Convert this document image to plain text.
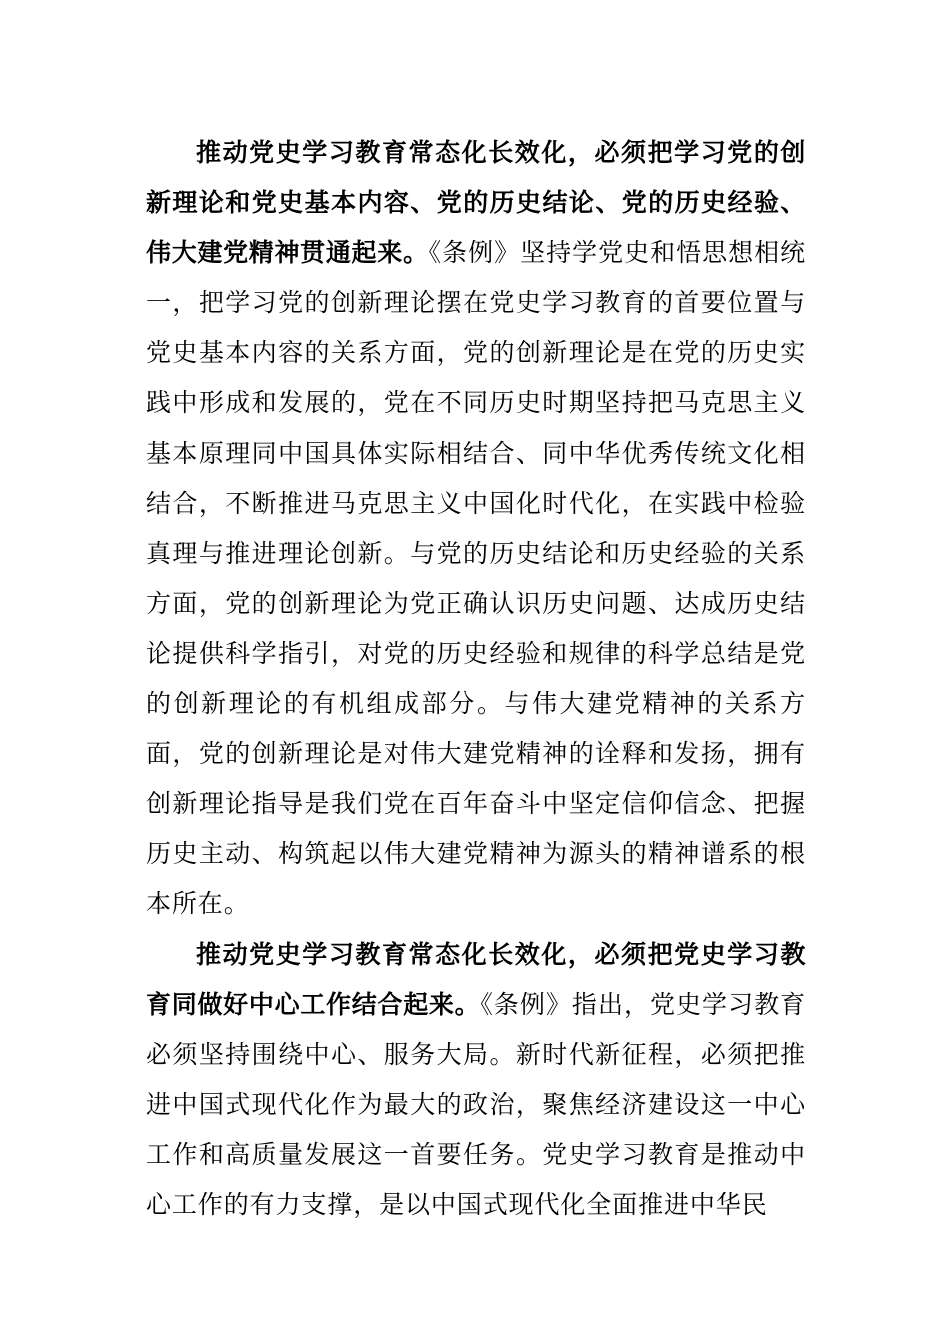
推动党史学习教育常态化长效化，必须把学习党的创新理论和党史基本内容、党的历史结论、党的历史经验、伟大建党精神贯通起来。《条例》坚持学党史和悟思想相统一，把学习党的创新理论摆在党史学习教育的首要位置与党史基本内容的关系方面，党的创新理论是在党的历史实践中形成和发展的，党在不同历史时期坚持把马克思主义基本原理同中国具体实际相结合、同中华优秀传统文化相结合，不断推进马克思主义中国化时代化，在实践中检验真理与推进理论创新。与党的历史结论和历史经验的关系方面，党的创新理论为党正确认识历史问题、达成历史结论提供科学指引，对党的历史经验和规律的科学总结是党的创新理论的有机组成部分。与伟大建党精神的关系方面，党的创新理论是对伟大建党精神的诠释和发扬，拥有创新理论指导是我们党在百年奋斗中坚定信仰信念、把握历史主动、构筑起以伟大建党精神为源头的精神谱系的根本所在。

推动党史学习教育常态化长效化，必须把党史学习教育同做好中心工作结合起来。《条例》指出，党史学习教育必须坚持围绕中心、服务大局。新时代新征程，必须把推进中国式现代化作为最大的政治，聚焦经济建设这一中心工作和高质量发展这一首要任务。党史学习教育是推动中心工作的有力支撑，是以中国式现代化全面推进中华民
